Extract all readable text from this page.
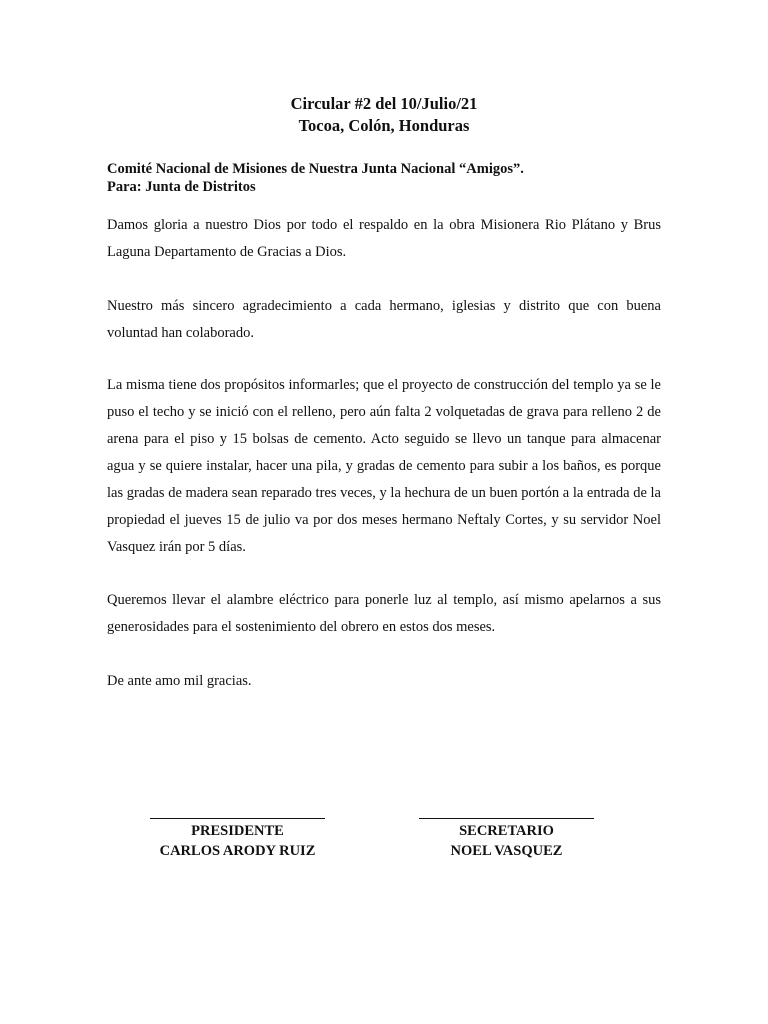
Circular #2 del 10/Julio/21
Tocoa, Colón, Honduras
Comité Nacional de Misiones de Nuestra Junta Nacional “Amigos”.
Para: Junta de Distritos

Damos gloria a nuestro Dios por todo el respaldo en la obra Misionera Rio Plátano y Brus Laguna Departamento de Gracias a Dios.

Nuestro más sincero agradecimiento a cada hermano, iglesias y distrito que con buena voluntad han colaborado.

La misma tiene dos propósitos informarles; que el proyecto de construcción del templo ya se le puso el techo y se inició con el relleno, pero aún falta 2 volquetadas de grava para relleno 2 de arena para el piso y 15 bolsas de cemento. Acto seguido se llevo un tanque para almacenar agua y se quiere instalar, hacer una pila, y gradas de cemento para subir a los baños, es porque las gradas de madera sean reparado tres veces, y la hechura de un buen portón a la entrada de la propiedad el jueves 15 de julio va por dos meses hermano Neftaly Cortes, y su servidor Noel Vasquez irán por 5 días.

Queremos llevar el alambre eléctrico para ponerle luz al templo, así mismo apelarnos a sus generosidades para el sostenimiento del obrero en estos dos meses.

De ante amo mil gracias.

PRESIDENTE
CARLOS ARODY RUIZ
SECRETARIO
NOEL VASQUEZ
